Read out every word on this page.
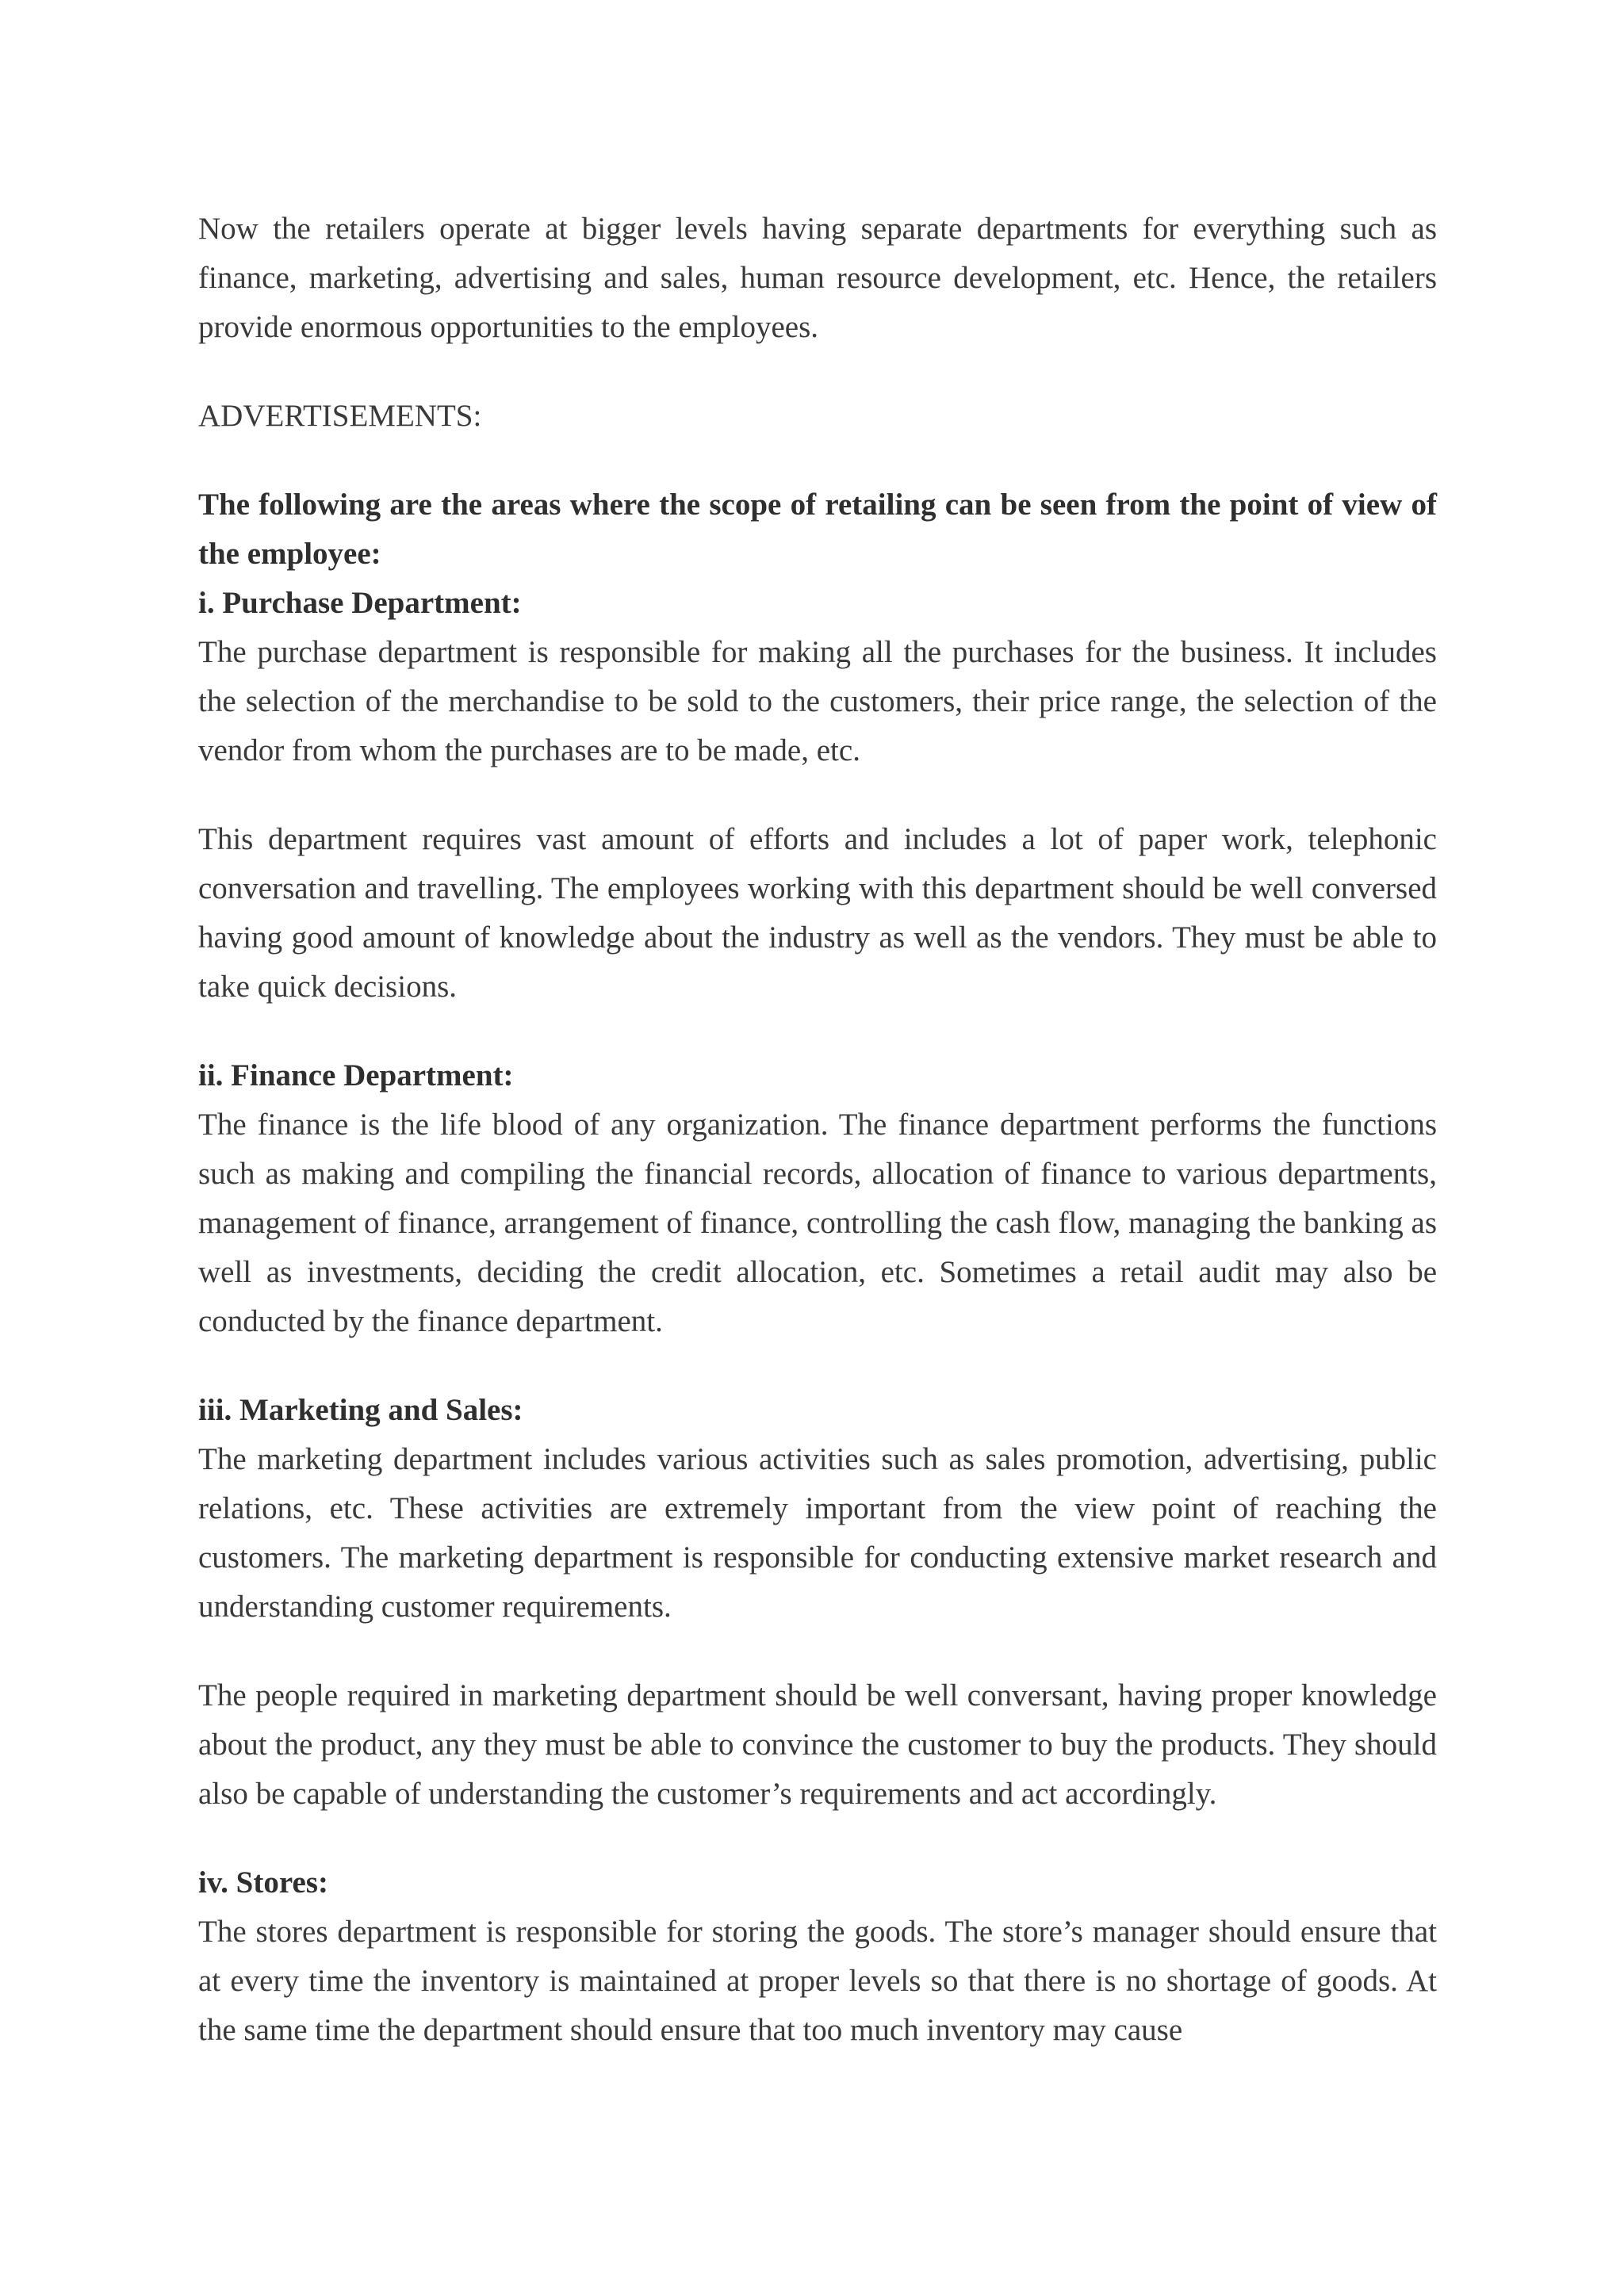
Now the retailers operate at bigger levels having separate departments for everything such as finance, marketing, advertising and sales, human resource development, etc. Hence, the retailers provide enormous opportunities to the employees.

ADVERTISEMENTS:

The following are the areas where the scope of retailing can be seen from the point of view of the employee:

i. Purchase Department:

The purchase department is responsible for making all the purchases for the business. It includes the selection of the merchandise to be sold to the customers, their price range, the selection of the vendor from whom the purchases are to be made, etc.

This department requires vast amount of efforts and includes a lot of paper work, telephonic conversation and travelling. The employees working with this department should be well conversed having good amount of knowledge about the industry as well as the vendors. They must be able to take quick decisions.

ii. Finance Department:

The finance is the life blood of any organization. The finance department performs the functions such as making and compiling the financial records, allocation of finance to various departments, management of finance, arrangement of finance, controlling the cash flow, managing the banking as well as investments, deciding the credit allocation, etc. Sometimes a retail audit may also be conducted by the finance department.

iii. Marketing and Sales:

The marketing department includes various activities such as sales promotion, advertising, public relations, etc. These activities are extremely important from the view point of reaching the customers. The marketing department is responsible for conducting extensive market research and understanding customer requirements.

The people required in marketing department should be well conversant, having proper knowledge about the product, any they must be able to convince the customer to buy the products. They should also be capable of understanding the customer’s requirements and act accordingly.

iv. Stores:

The stores department is responsible for storing the goods. The store’s manager should ensure that at every time the inventory is maintained at proper levels so that there is no shortage of goods. At the same time the department should ensure that too much inventory may cause
